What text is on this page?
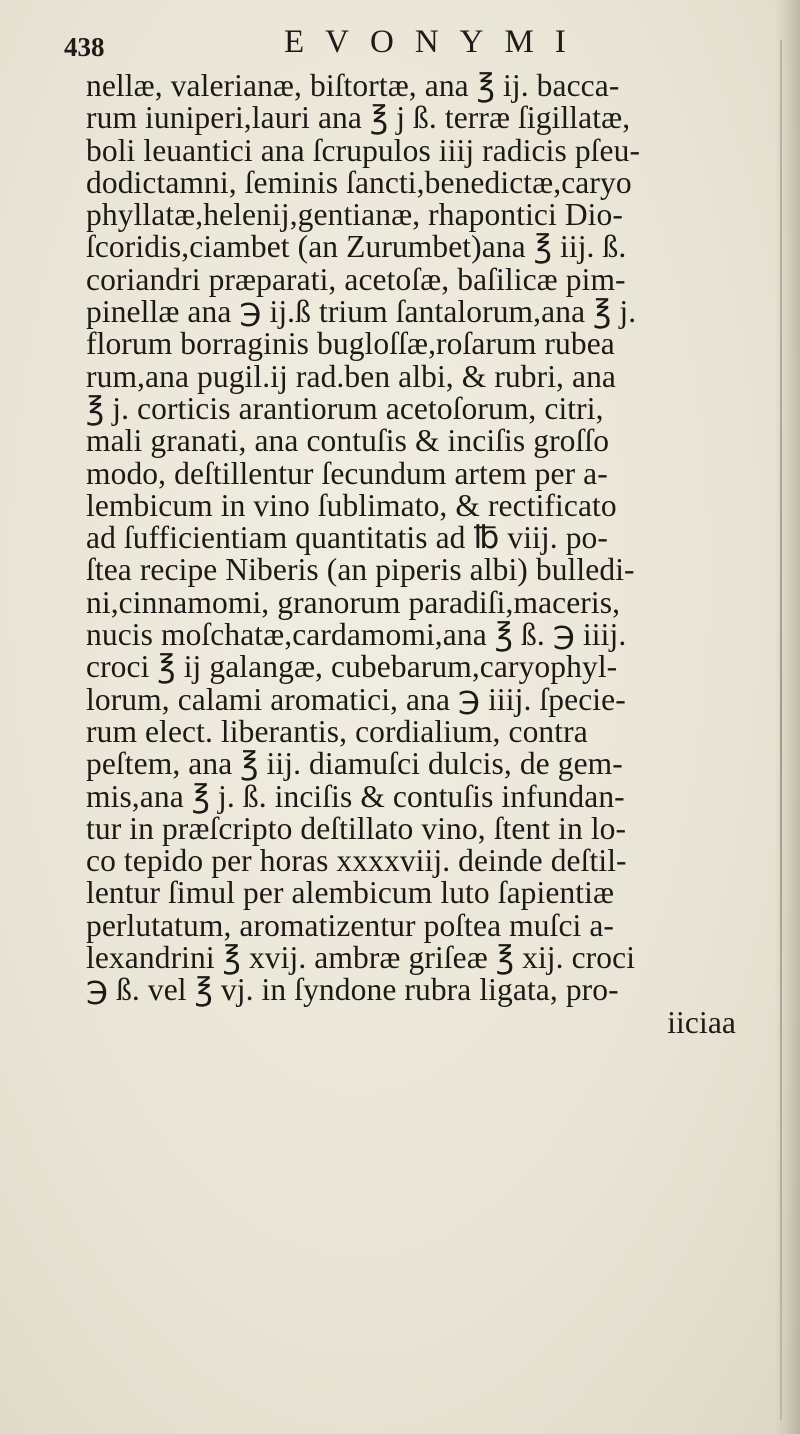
438	EVONYMI
nellæ, valerianæ, biſtortæ, ana ℥ ij. bacca-
rum iuniperi,lauri ana ℥ j ß. terræ ſigillatæ,
boli leuantici ana ſcrupulos iiij radicis pſeu-
dodictamni, ſeminis ſancti,benedictæ,caryo
phyllatæ,helenij,gentianæ, rhapontici Dio-
ſcoridis,ciambet (an Zurumbet)ana ℥ iij. ß.
coriandri præparati, acetoſæ, baſilicæ pim-
pinellæ ana ℈ ij.ß trium ſantalorum,ana ℥ j.
florum borraginis bugloſſæ,roſarum rubea
rum,ana pugil.ij rad.ben albi, & rubri, ana
℥ j. corticis arantiorum acetoſorum, citri,
mali granati, ana contuſis & inciſis groſſo
modo, deſtillentur ſecundum artem per a-
lembicum in vino ſublimato, & rectificato
ad ſufficientiam quantitatis ad ℔ viij. po-
ſtea recipe Niberis (an piperis albi) bulledi-
ni,cinnamomi, granorum paradiſi,maceris,
nucis moſchatæ,cardamomi,ana ℥ ß. ℈ iiij.
croci ℥ ij galangæ, cubebarum,caryophyl-
lorum, calami aromatici, ana ℈ iiij. ſpecie-
rum elect. liberantis, cordialium, contra
peſtem, ana ℥ iij. diamuſci dulcis, de gem-
mis,ana ℥ j. ß. inciſis & contuſis infundan-
tur in præſcripto deſtillato vino, ſtent in lo-
co tepido per horas xxxxviij. deinde deſtil-
lentur ſimul per alembicum luto ſapientiæ
perlutatum, aromatizentur poſtea muſci a-
lexandrini ℥ xvij. ambræ griſeæ ℥ xij. croci
℈ ß. vel ℥ vj. in ſyndone rubra ligata, pro-
iiciaa
